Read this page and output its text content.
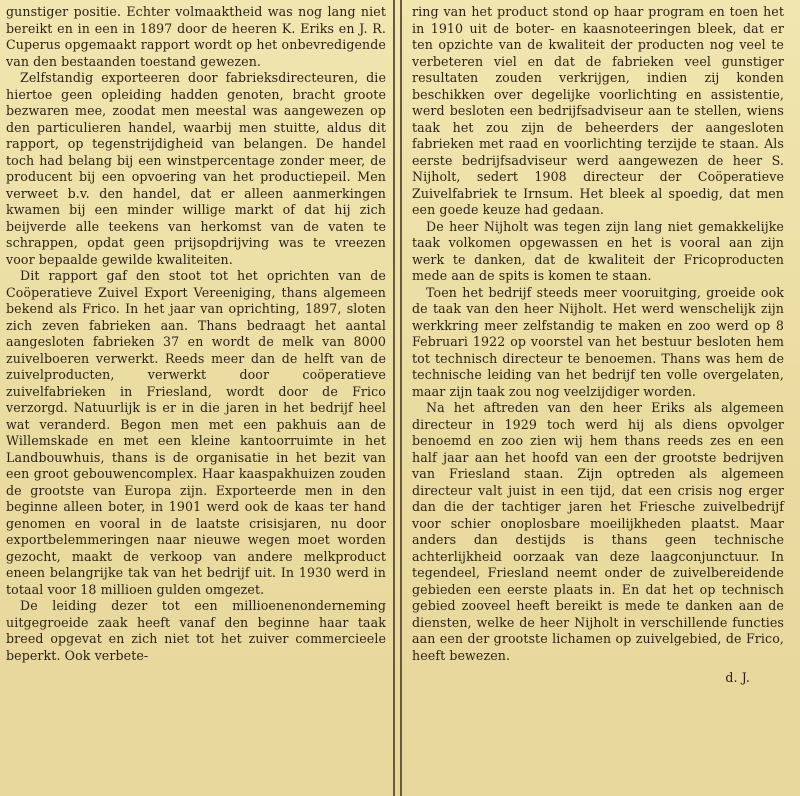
gunstiger positie. Echter volmaaktheid was nog lang niet bereikt en in een in 1897 door de heeren K. Eriks en J. R. Cuperus opgemaakt rapport wordt op het onbevredigende van den bestaanden toestand gewezen.

Zelfstandig exporteeren door fabrieksdirecteuren, die hiertoe geen opleiding hadden genoten, bracht groote bezwaren mee, zoodat men meestal was aangewezen op den particulieren handel, waarbij men stuitte, aldus dit rapport, op tegenstrijdigheid van belangen. De handel toch had belang bij een winstpercentage zonder meer, de producent bij een opvoering van het productiepeil. Men verweet b.v. den handel, dat er alleen aanmerkingen kwamen bij een minder willige markt of dat hij zich beijverde alle teekens van herkomst van de vaten te schrappen, opdat geen prijsopdrijving was te vreezen voor bepaalde gewilde kwaliteiten.

Dit rapport gaf den stoot tot het oprichten van de Coöperatieve Zuivel Export Vereeniging, thans algemeen bekend als Frico. In het jaar van oprichting, 1897, sloten zich zeven fabrieken aan. Thans bedraagt het aantal aangesloten fabrieken 37 en wordt de melk van 8000 zuivelboeren verwerkt. Reeds meer dan de helft van de zuivelproducten, verwerkt door coöperatieve zuivelfabrieken in Friesland, wordt door de Frico verzorgd. Natuurlijk is er in die jaren in het bedrijf heel wat veranderd. Begon men met een pakhuis aan de Willemskade en met een kleine kantoorruimte in het Landbouwhuis, thans is de organisatie in het bezit van een groot gebouwencomplex. Haar kaaspakhuizen zouden de grootste van Europa zijn. Exporteerde men in den beginne alleen boter, in 1901 werd ook de kaas ter hand genomen en vooral in de laatste crisisjaren, nu door exportbelemmeringen naar nieuwe wegen moet worden gezocht, maakt de verkoop van andere melkproduct eneen belangrijke tak van het bedrijf uit. In 1930 werd in totaal voor 18 millioen gulden omgezet.

De leiding dezer tot een millioenenonderneming uitgegroeide zaak heeft vanaf den beginne haar taak breed opgevat en zich niet tot het zuiver commercieele beperkt. Ook verbete-

ring van het product stond op haar program en toen het in 1910 uit de boter- en kaasnoteeringen bleek, dat er ten opzichte van de kwaliteit der producten nog veel te verbeteren viel en dat de fabrieken veel gunstiger resultaten zouden verkrijgen, indien zij konden beschikken over degelijke voorlichting en assistentie, werd besloten een bedrijfsadviseur aan te stellen, wiens taak het zou zijn de beheerders der aangesloten fabrieken met raad en voorlichting terzijde te staan. Als eerste bedrijfsadviseur werd aangewezen de heer S. Nijholt, sedert 1908 directeur der Coöperatieve Zuivelfabriek te Irnsum. Het bleek al spoedig, dat men een goede keuze had gedaan.

De heer Nijholt was tegen zijn lang niet gemakkelijke taak volkomen opgewassen en het is vooral aan zijn werk te danken, dat de kwaliteit der Fricoproducten mede aan de spits is komen te staan.

Toen het bedrijf steeds meer vooruitging, groeide ook de taak van den heer Nijholt. Het werd wenschelijk zijn werkkring meer zelfstandig te maken en zoo werd op 8 Februari 1922 op voorstel van het bestuur besloten hem tot technisch directeur te benoemen. Thans was hem de technische leiding van het bedrijf ten volle overgelaten, maar zijn taak zou nog veelzijdiger worden.

Na het aftreden van den heer Eriks als algemeen directeur in 1929 toch werd hij als diens opvolger benoemd en zoo zien wij hem thans reeds zes en een half jaar aan het hoofd van een der grootste bedrijven van Friesland staan. Zijn optreden als algemeen directeur valt juist in een tijd, dat een crisis nog erger dan die der tachtiger jaren het Friesche zuivelbedrijf voor schier onoplosbare moeilijkheden plaatst. Maar anders dan destijds is thans geen technische achterlijkheid oorzaak van deze laagconjunctuur. In tegendeel, Friesland neemt onder de zuivelbereidende gebieden een eerste plaats in. En dat het op technisch gebied zooveel heeft bereikt is mede te danken aan de diensten, welke de heer Nijholt in verschillende functies aan een der grootste lichamen op zuivelgebied, de Frico, heeft bewezen.

d. J.
